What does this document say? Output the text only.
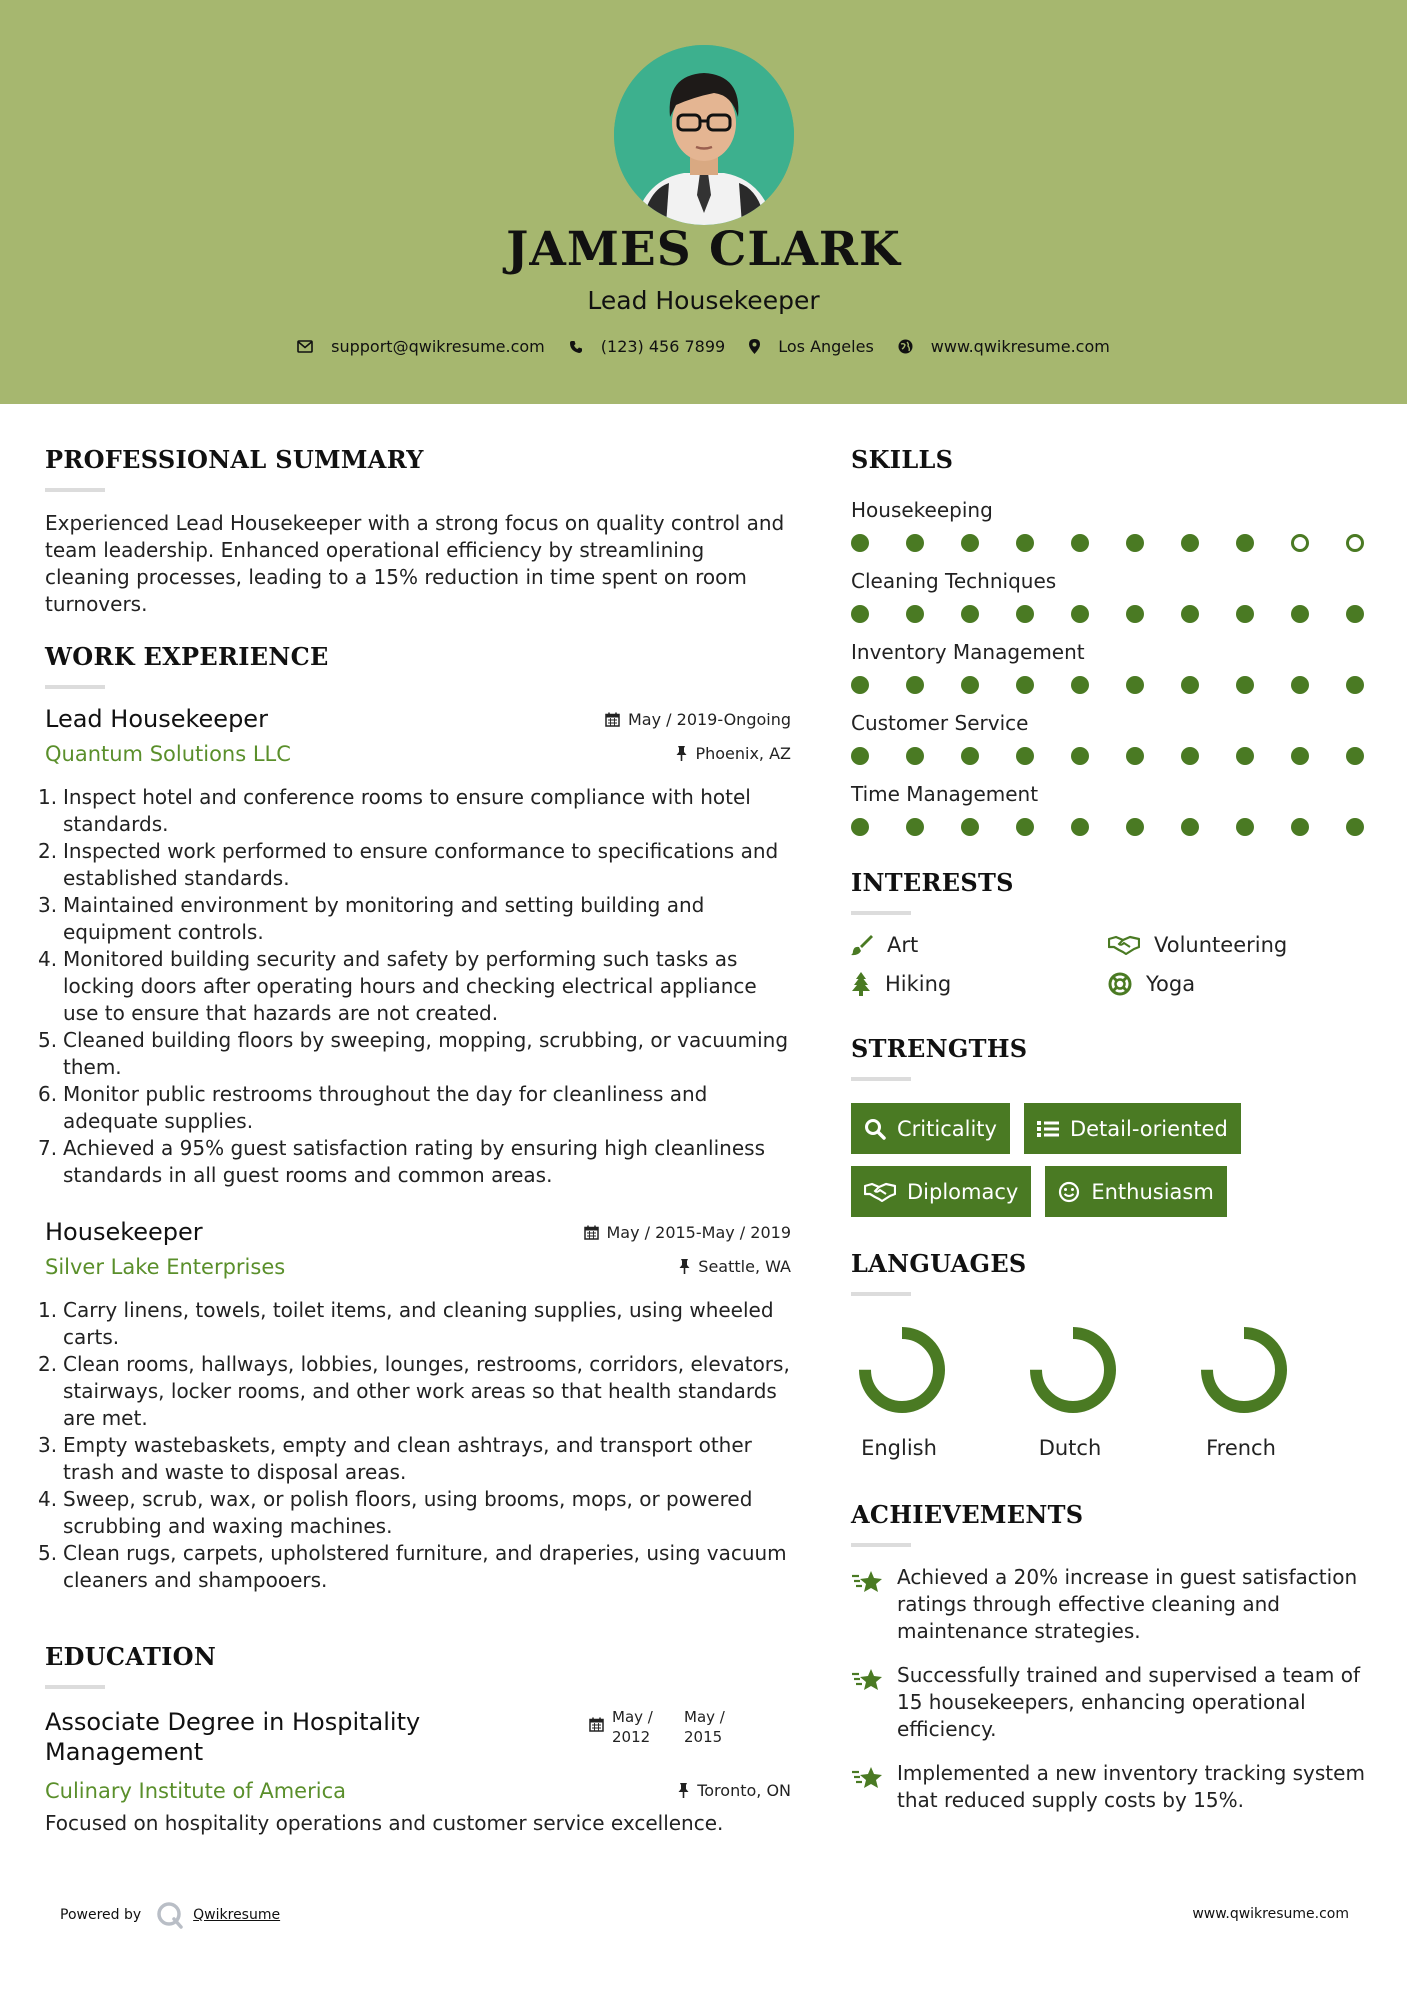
JAMES CLARK
Lead Housekeeper
support@qwikresume.com	(123) 456 7899	Los Angeles	www.qwikresume.com
PROFESSIONAL SUMMARY
Experienced Lead Housekeeper with a strong focus on quality control and team leadership. Enhanced operational efficiency by streamlining cleaning processes, leading to a 15% reduction in time spent on room turnovers.
WORK EXPERIENCE
Lead Housekeeper
Quantum Solutions LLC
May / 2019-Ongoing
Phoenix, AZ
1. Inspect hotel and conference rooms to ensure compliance with hotel standards.
2. Inspected work performed to ensure conformance to specifications and established standards.
3. Maintained environment by monitoring and setting building and equipment controls.
4. Monitored building security and safety by performing such tasks as locking doors after operating hours and checking electrical appliance use to ensure that hazards are not created.
5. Cleaned building floors by sweeping, mopping, scrubbing, or vacuuming them.
6. Monitor public restrooms throughout the day for cleanliness and adequate supplies.
7. Achieved a 95% guest satisfaction rating by ensuring high cleanliness standards in all guest rooms and common areas.
Housekeeper
Silver Lake Enterprises
May / 2015-May / 2019
Seattle, WA
1. Carry linens, towels, toilet items, and cleaning supplies, using wheeled carts.
2. Clean rooms, hallways, lobbies, lounges, restrooms, corridors, elevators, stairways, locker rooms, and other work areas so that health standards are met.
3. Empty wastebaskets, empty and clean ashtrays, and transport other trash and waste to disposal areas.
4. Sweep, scrub, wax, or polish floors, using brooms, mops, or powered scrubbing and waxing machines.
5. Clean rugs, carpets, upholstered furniture, and draperies, using vacuum cleaners and shampooers.
EDUCATION
Associate Degree in Hospitality Management
May /
2012
May /
2015
Culinary Institute of America	Toronto, ON
Focused on hospitality operations and customer service excellence.
SKILLS
Housekeeping
Cleaning Techniques
Inventory Management
Customer Service
Time Management
INTERESTS
Art	Volunteering
Hiking	Yoga
STRENGTHS
Criticality	Detail-oriented
Diplomacy	Enthusiasm
LANGUAGES
English	Dutch	French
ACHIEVEMENTS
Achieved a 20% increase in guest satisfaction ratings through effective cleaning and maintenance strategies.
Successfully trained and supervised a team of 15 housekeepers, enhancing operational efficiency.
Implemented a new inventory tracking system that reduced supply costs by 15%.
Powered by	Qwikresume	www.qwikresume.com
